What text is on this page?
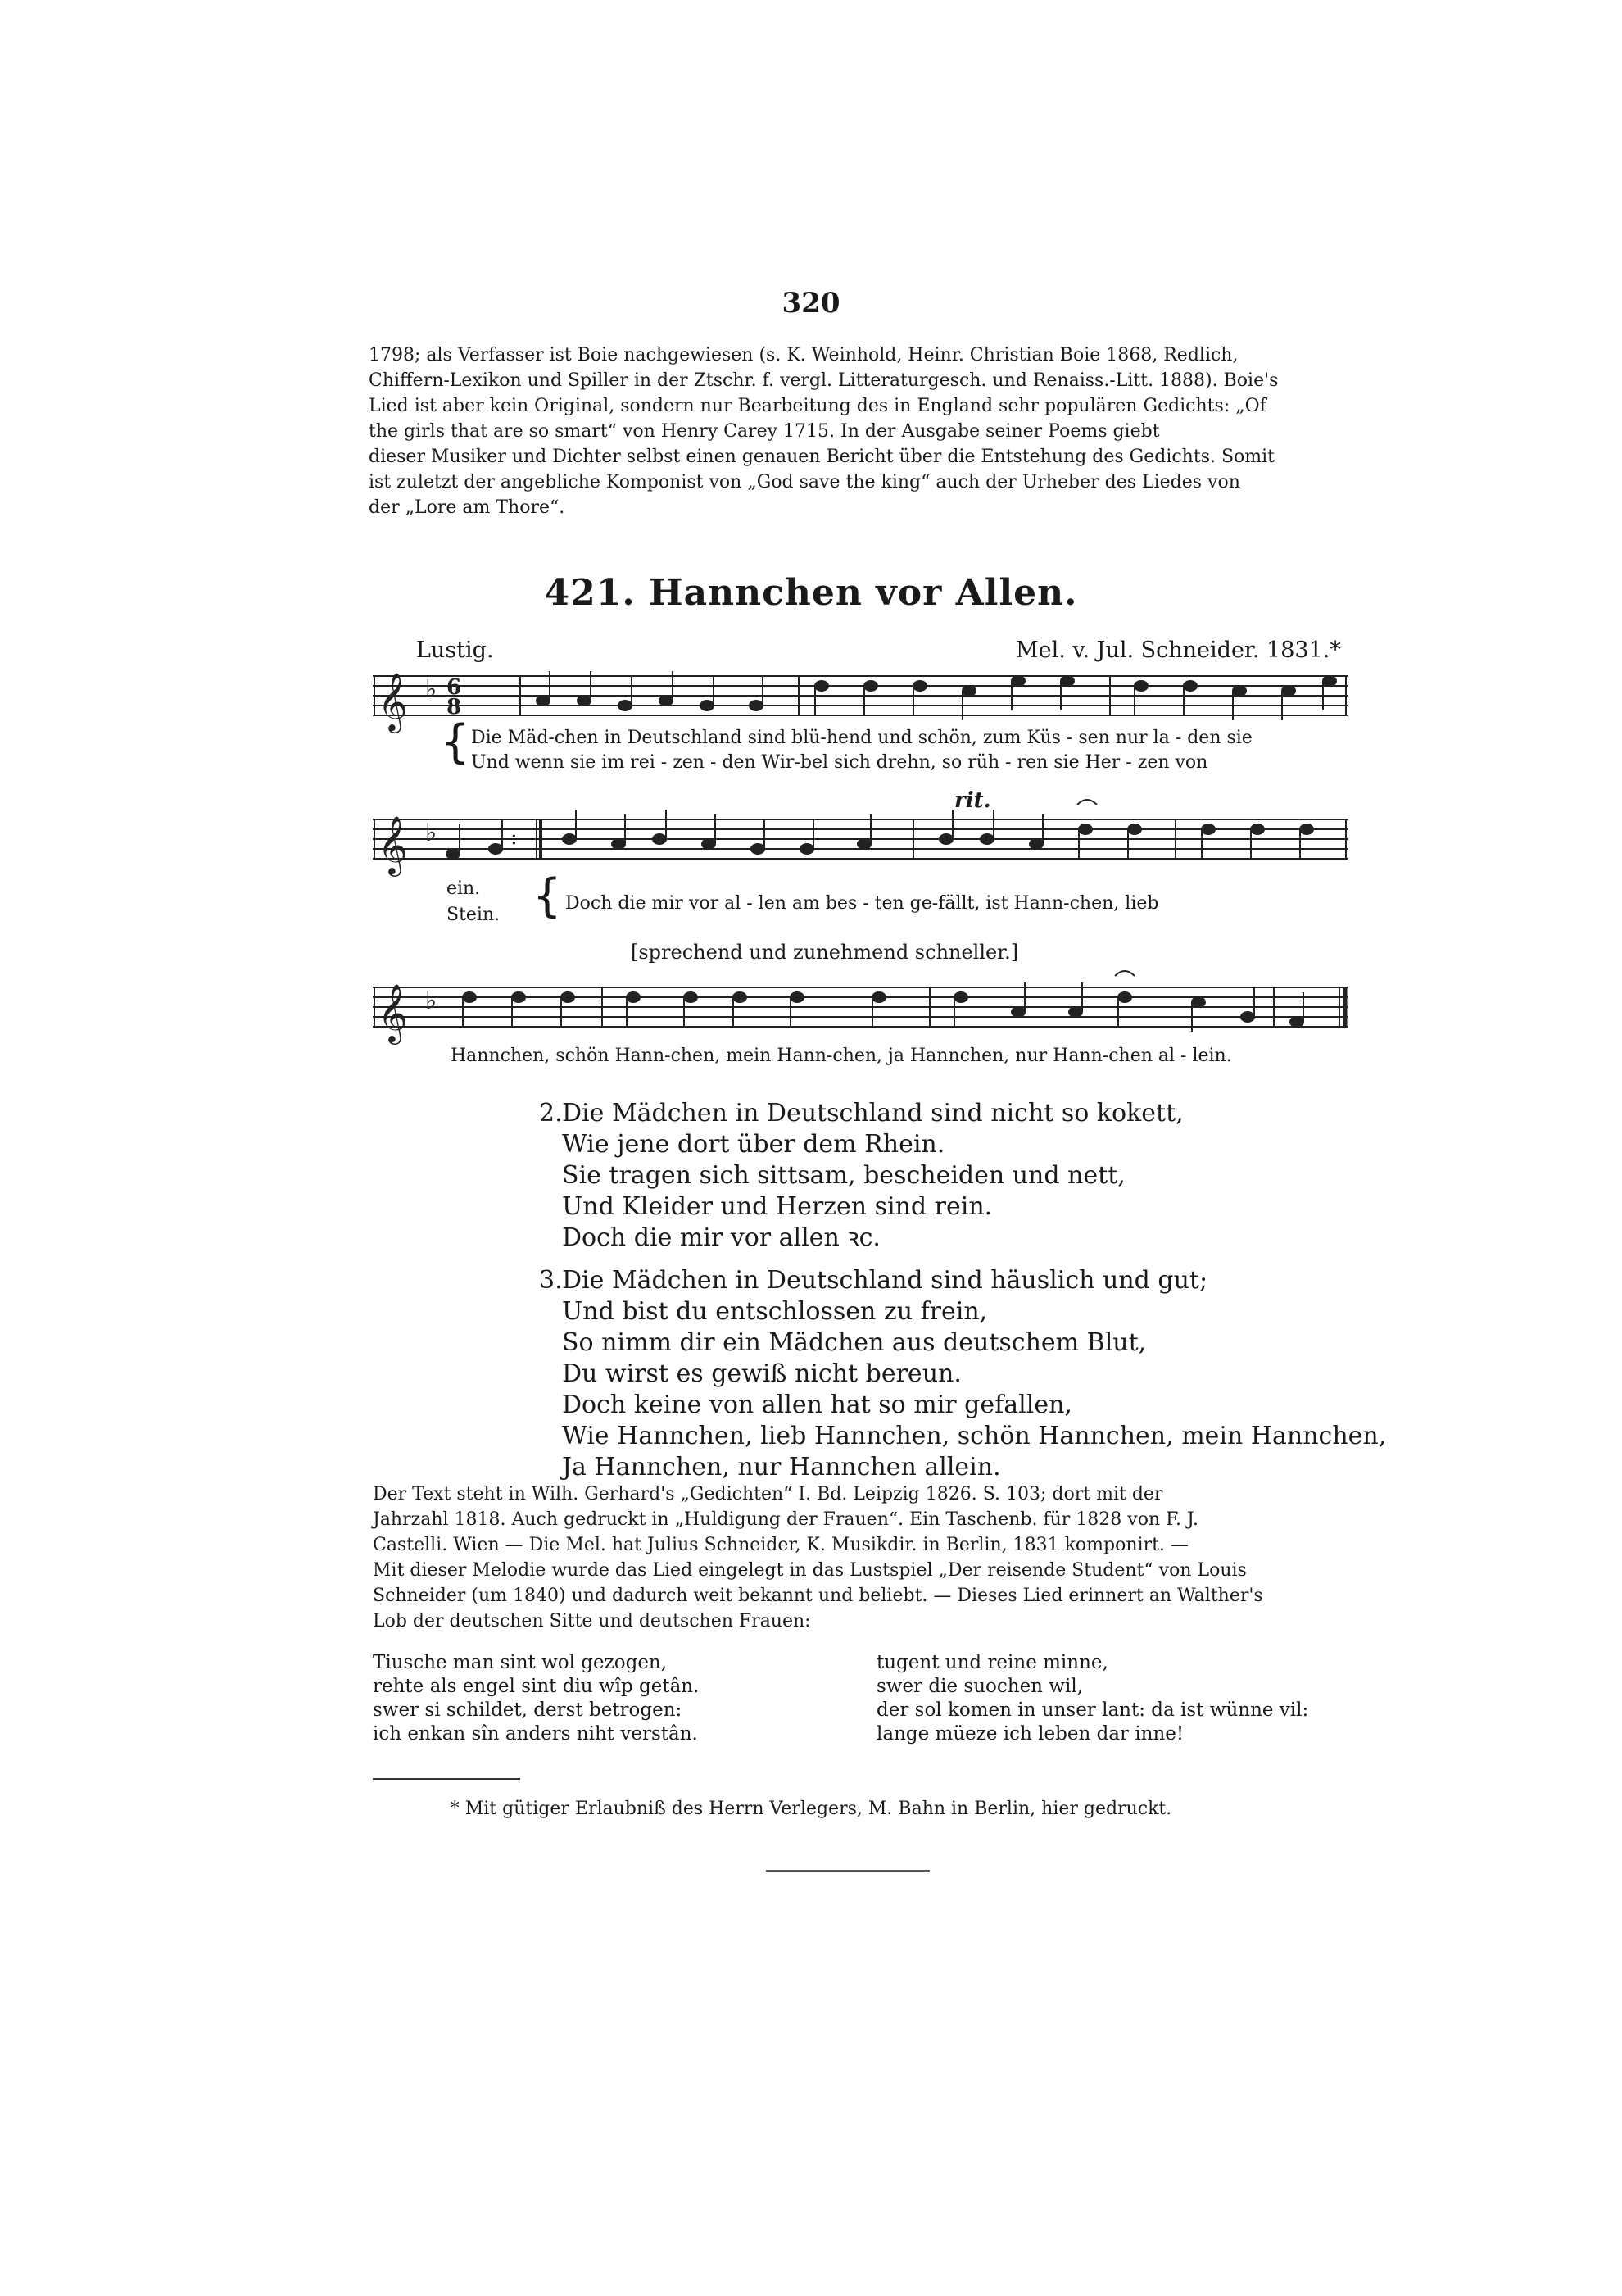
320

1798; als Verfasser ist Boie nachgewiesen (s. K. Weinhold, Heinr. Christian Boie 1868, Redlich,

Chiffern-Lexikon und Spiller in der Ztschr. f. vergl. Litteraturgesch. und Renaiss.-Litt. 1888). Boie's

Lied ist aber kein Original, sondern nur Bearbeitung des in England sehr populären Gedichts: „Of

the girls that are so smart“ von Henry Carey 1715. In der Ausgabe seiner Poems giebt

dieser Musiker und Dichter selbst einen genauen Bericht über die Entstehung des Gedichts. Somit

ist zuletzt der angebliche Komponist von „God save the king“ auch der Urheber des Liedes von

der „Lore am Thore“.

421. Hannchen vor Allen.
Lustig.	Mel. v. Jul. Schneider. 1831.*
𝄞 ♭ 6
8
{ Die Mäd-chen in Deutschland sind blü-hend und schön, zum Küs - sen nur la - den sie
Und wenn sie im rei - zen - den Wir-bel sich drehn, so rüh - ren sie Her - zen von
rit.
𝄞 ♭	:
ein.
Stein. { Doch die mir vor al - len am bes - ten ge-fällt, ist Hann-chen, lieb
[sprechend und zunehmend schneller.]
𝄞 ♭
Hannchen, schön Hann-chen, mein Hann-chen, ja Hannchen, nur Hann-chen al - lein.
2.Die Mädchen in Deutschland sind nicht so kokett,
Wie jene dort über dem Rhein.
Sie tragen sich sittsam, bescheiden und nett,
Und Kleider und Herzen sind rein.
Doch die mir vor allen ꝛc.
3.Die Mädchen in Deutschland sind häuslich und gut;
Und bist du entschlossen zu frein,
So nimm dir ein Mädchen aus deutschem Blut,
Du wirst es gewiß nicht bereun.
Doch keine von allen hat so mir gefallen,
Wie Hannchen, lieb Hannchen, schön Hannchen, mein Hannchen,
Ja Hannchen, nur Hannchen allein.
Der Text steht in Wilh. Gerhard's „Gedichten“ I. Bd. Leipzig 1826. S. 103; dort mit der
Jahrzahl 1818. Auch gedruckt in „Huldigung der Frauen“. Ein Taschenb. für 1828 von F. J.
Castelli. Wien — Die Mel. hat Julius Schneider, K. Musikdir. in Berlin, 1831 komponirt. —
Mit dieser Melodie wurde das Lied eingelegt in das Lustspiel „Der reisende Student“ von Louis
Schneider (um 1840) und dadurch weit bekannt und beliebt. — Dieses Lied erinnert an Walther's
Lob der deutschen Sitte und deutschen Frauen:
Tiusche man sint wol gezogen,
rehte als engel sint diu wîp getân.
swer si schildet, derst betrogen:
ich enkan sîn anders niht verstân.
tugent und reine minne,
swer die suochen wil,
der sol komen in unser lant: da ist wünne vil:
lange müeze ich leben dar inne!
* Mit gütiger Erlaubniß des Herrn Verlegers, M. Bahn in Berlin, hier gedruckt.
